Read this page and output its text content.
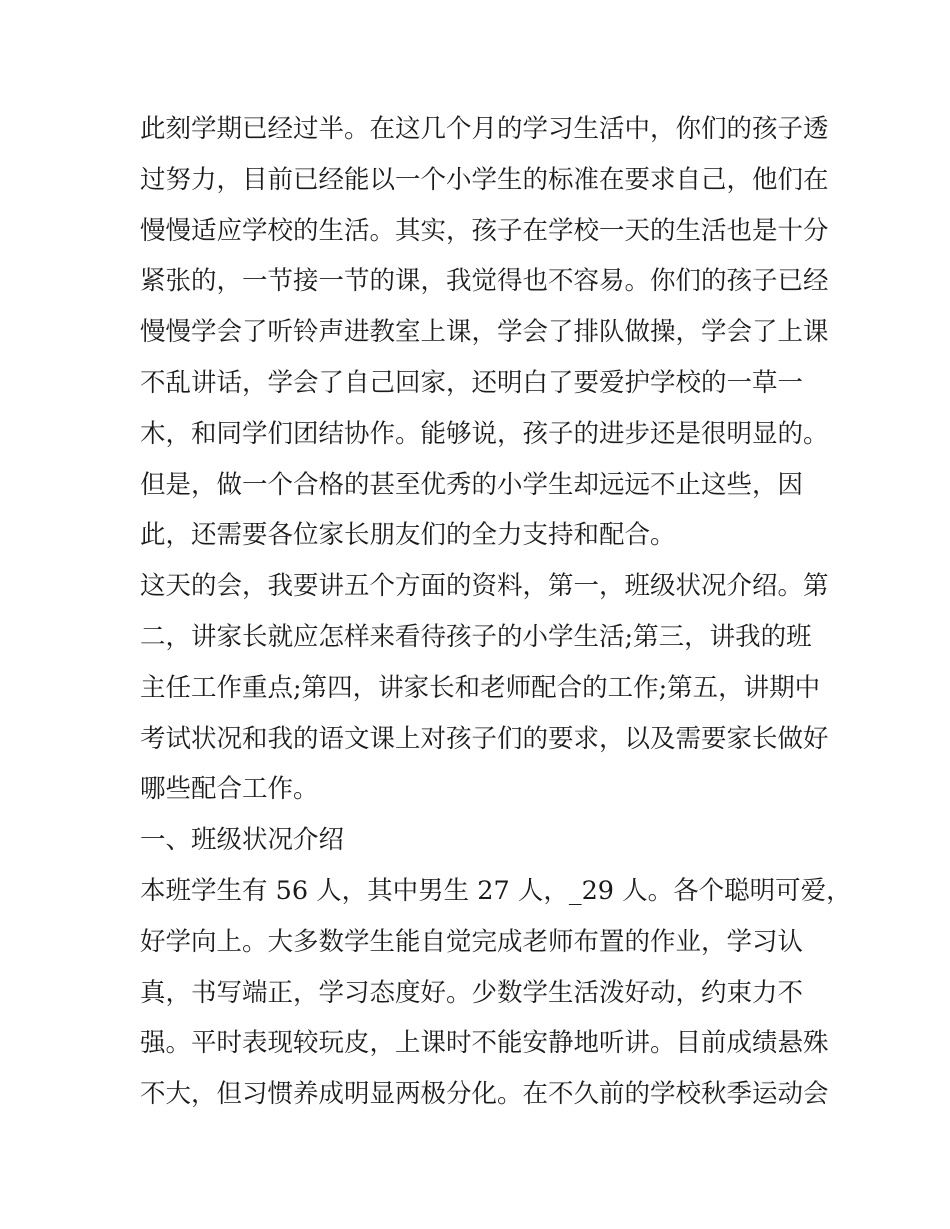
此刻学期已经过半。在这几个月的学习生活中，你们的孩子透
过努力，目前已经能以一个小学生的标准在要求自己，他们在
慢慢适应学校的生活。其实，孩子在学校一天的生活也是十分
紧张的，一节接一节的课，我觉得也不容易。你们的孩子已经
慢慢学会了听铃声进教室上课，学会了排队做操，学会了上课
不乱讲话，学会了自己回家，还明白了要爱护学校的一草一
木，和同学们团结协作。能够说，孩子的进步还是很明显的。
但是，做一个合格的甚至优秀的小学生却远远不止这些，因
此，还需要各位家长朋友们的全力支持和配合。
这天的会，我要讲五个方面的资料，第一，班级状况介绍。第
二，讲家长就应怎样来看待孩子的小学生活;第三，讲我的班
主任工作重点;第四，讲家长和老师配合的工作;第五，讲期中
考试状况和我的语文课上对孩子们的要求，以及需要家长做好
哪些配合工作。
一、班级状况介绍
本班学生有 56 人，其中男生 27 人，_29 人。各个聪明可爱，
好学向上。大多数学生能自觉完成老师布置的作业，学习认
真，书写端正，学习态度好。少数学生活泼好动，约束力不
强。平时表现较玩皮，上课时不能安静地听讲。目前成绩悬殊
不大，但习惯养成明显两极分化。在不久前的学校秋季运动会
